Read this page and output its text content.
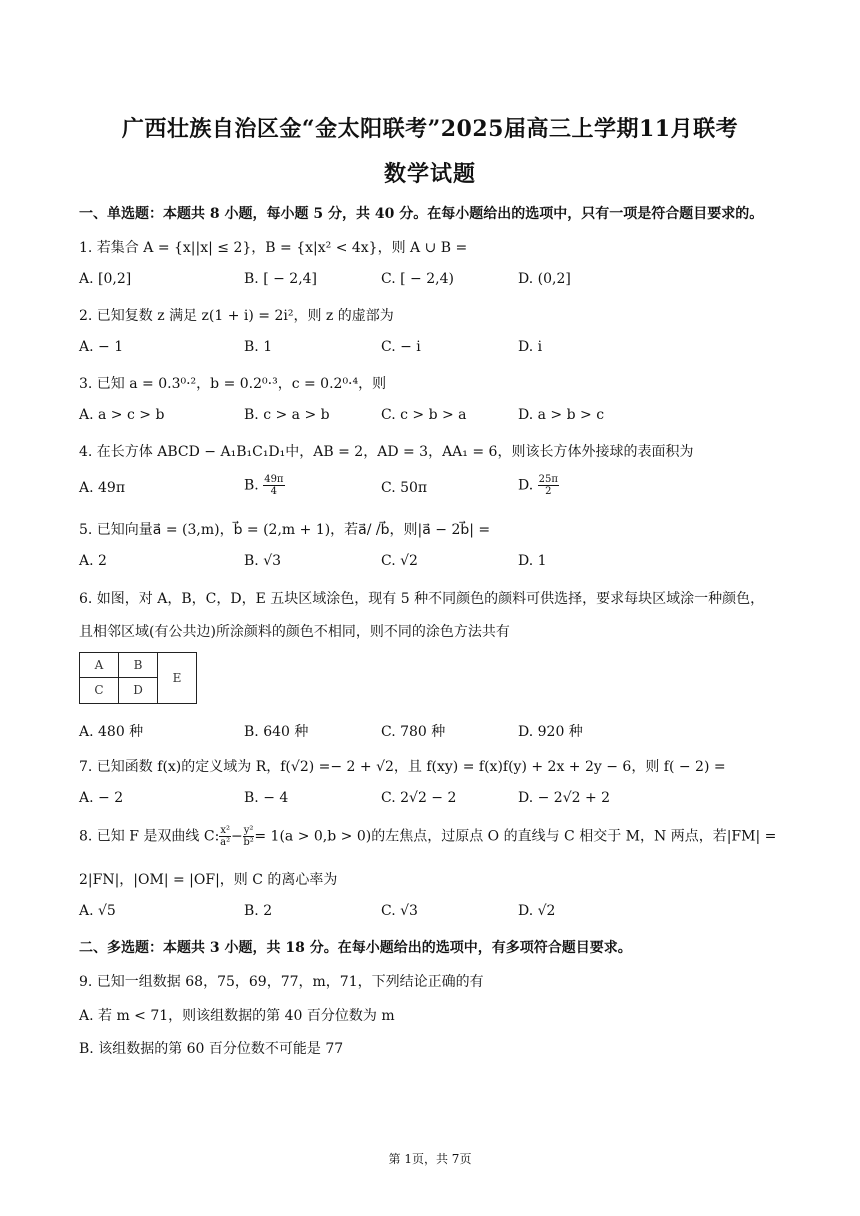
广西壮族自治区金“金太阳联考”2025届高三上学期11月联考
数学试题
一、单选题：本题共 8 小题，每小题 5 分，共 40 分。在每小题给出的选项中，只有一项是符合题目要求的。
1. 若集合 A = {x||x| ≤ 2}，B = {x|x² < 4x}，则 A ∪ B =
A. [0,2]	B. [ − 2,4]	C. [ − 2,4)	D. (0,2]
2. 已知复数 z 满足 z(1 + i) = 2i²，则 z 的虚部为
A. − 1	B. 1	C. − i	D. i
3. 已知 a = 0.3⁰·²，b = 0.2⁰·³，c = 0.2⁰·⁴，则
A. a > c > b	B. c > a > b	C. c > b > a	D. a > b > c
4. 在长方体 ABCD − A₁B₁C₁D₁中，AB = 2，AD = 3，AA₁ = 6，则该长方体外接球的表面积为
A. 49π	B. $\frac{49\pi}{4}$	C. 50π	D. $\frac{25\pi}{2}$
5. 已知向量a⃗ = (3,m)，b⃗ = (2,m + 1)，若a⃗/ /b⃗，则|a⃗ − 2b⃗| =
A. 2	B. √3	C. √2	D. 1
6. 如图，对 A，B，C，D，E 五块区域涂色，现有 5 种不同颜色的颜料可供选择，要求每块区域涂一种颜色，
且相邻区域(有公共边)所涂颜料的颜色不相同，则不同的涂色方法共有
A	B
C	D
E
A. 480 种	B. 640 种	C. 780 种	D. 920 种
7. 已知函数 f(x)的定义域为 R，f(√2) =− 2 + √2，且 f(xy) = f(x)f(y) + 2x + 2y − 6，则 f( − 2) =
A. − 2	B. − 4	C. 2√2 − 2	D. − 2√2 + 2
8. 已知 F 是双曲线 C: $\frac{\text{x²}}{\text{a²}} - \frac{\text{y²}}{\text{b²}} = 1(a > 0,b > 0)$的左焦点，过原点 O 的直线与 C 相交于 M，N 两点，若|FM| =
2|FN|，|OM| = |OF|，则 C 的离心率为
A. √5	B. 2	C. √3	D. √2
二、多选题：本题共 3 小题，共 18 分。在每小题给出的选项中，有多项符合题目要求。
9. 已知一组数据 68，75，69，77，m，71，下列结论正确的有
A. 若 m < 71，则该组数据的第 40 百分位数为 m
B. 该组数据的第 60 百分位数不可能是 77
第 1页，共 7页
